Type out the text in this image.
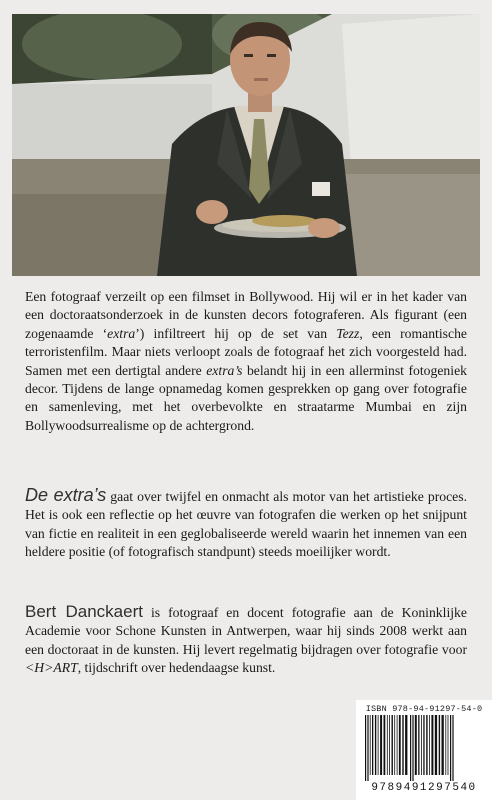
Een fotograaf verzeilt op een filmset in Bollywood. Hij wil er in het kader van een doctoraatsonderzoek in de kunsten decors fotograferen. Als figurant (een zogenaamde ‘extra’) infiltreert hij op de set van Tezz, een romantische terroristenfilm. Maar niets verloopt zoals de fotograaf het zich voorgesteld had. Samen met een dertigtal andere extra’s belandt hij in een allerminst fotogeniek decor. Tijdens de lange opnamedag komen gesprekken op gang over fotografie en samenleving, met het overbevolkte en straatarme Mumbai en zijn Bollywoodsurrealisme op de achtergrond.

De extra’s gaat over twijfel en onmacht als motor van het artistieke proces. Het is ook een reflectie op het œuvre van fotografen die werken op het snijpunt van fictie en realiteit in een geglobaliseerde wereld waarin het innemen van een heldere positie (of fotografisch standpunt) steeds moeilijker wordt.

Bert Danckaert is fotograaf en docent fotografie aan de Koninklijke Academie voor Schone Kunsten in Antwerpen, waar hij sinds 2008 werkt aan een doctoraat in de kunsten. Hij levert regelmatig bijdragen over fotografie voor <H>ART, tijdschrift over hedendaagse kunst.

ISBN 978-94-91297-54-0
9789491297540
